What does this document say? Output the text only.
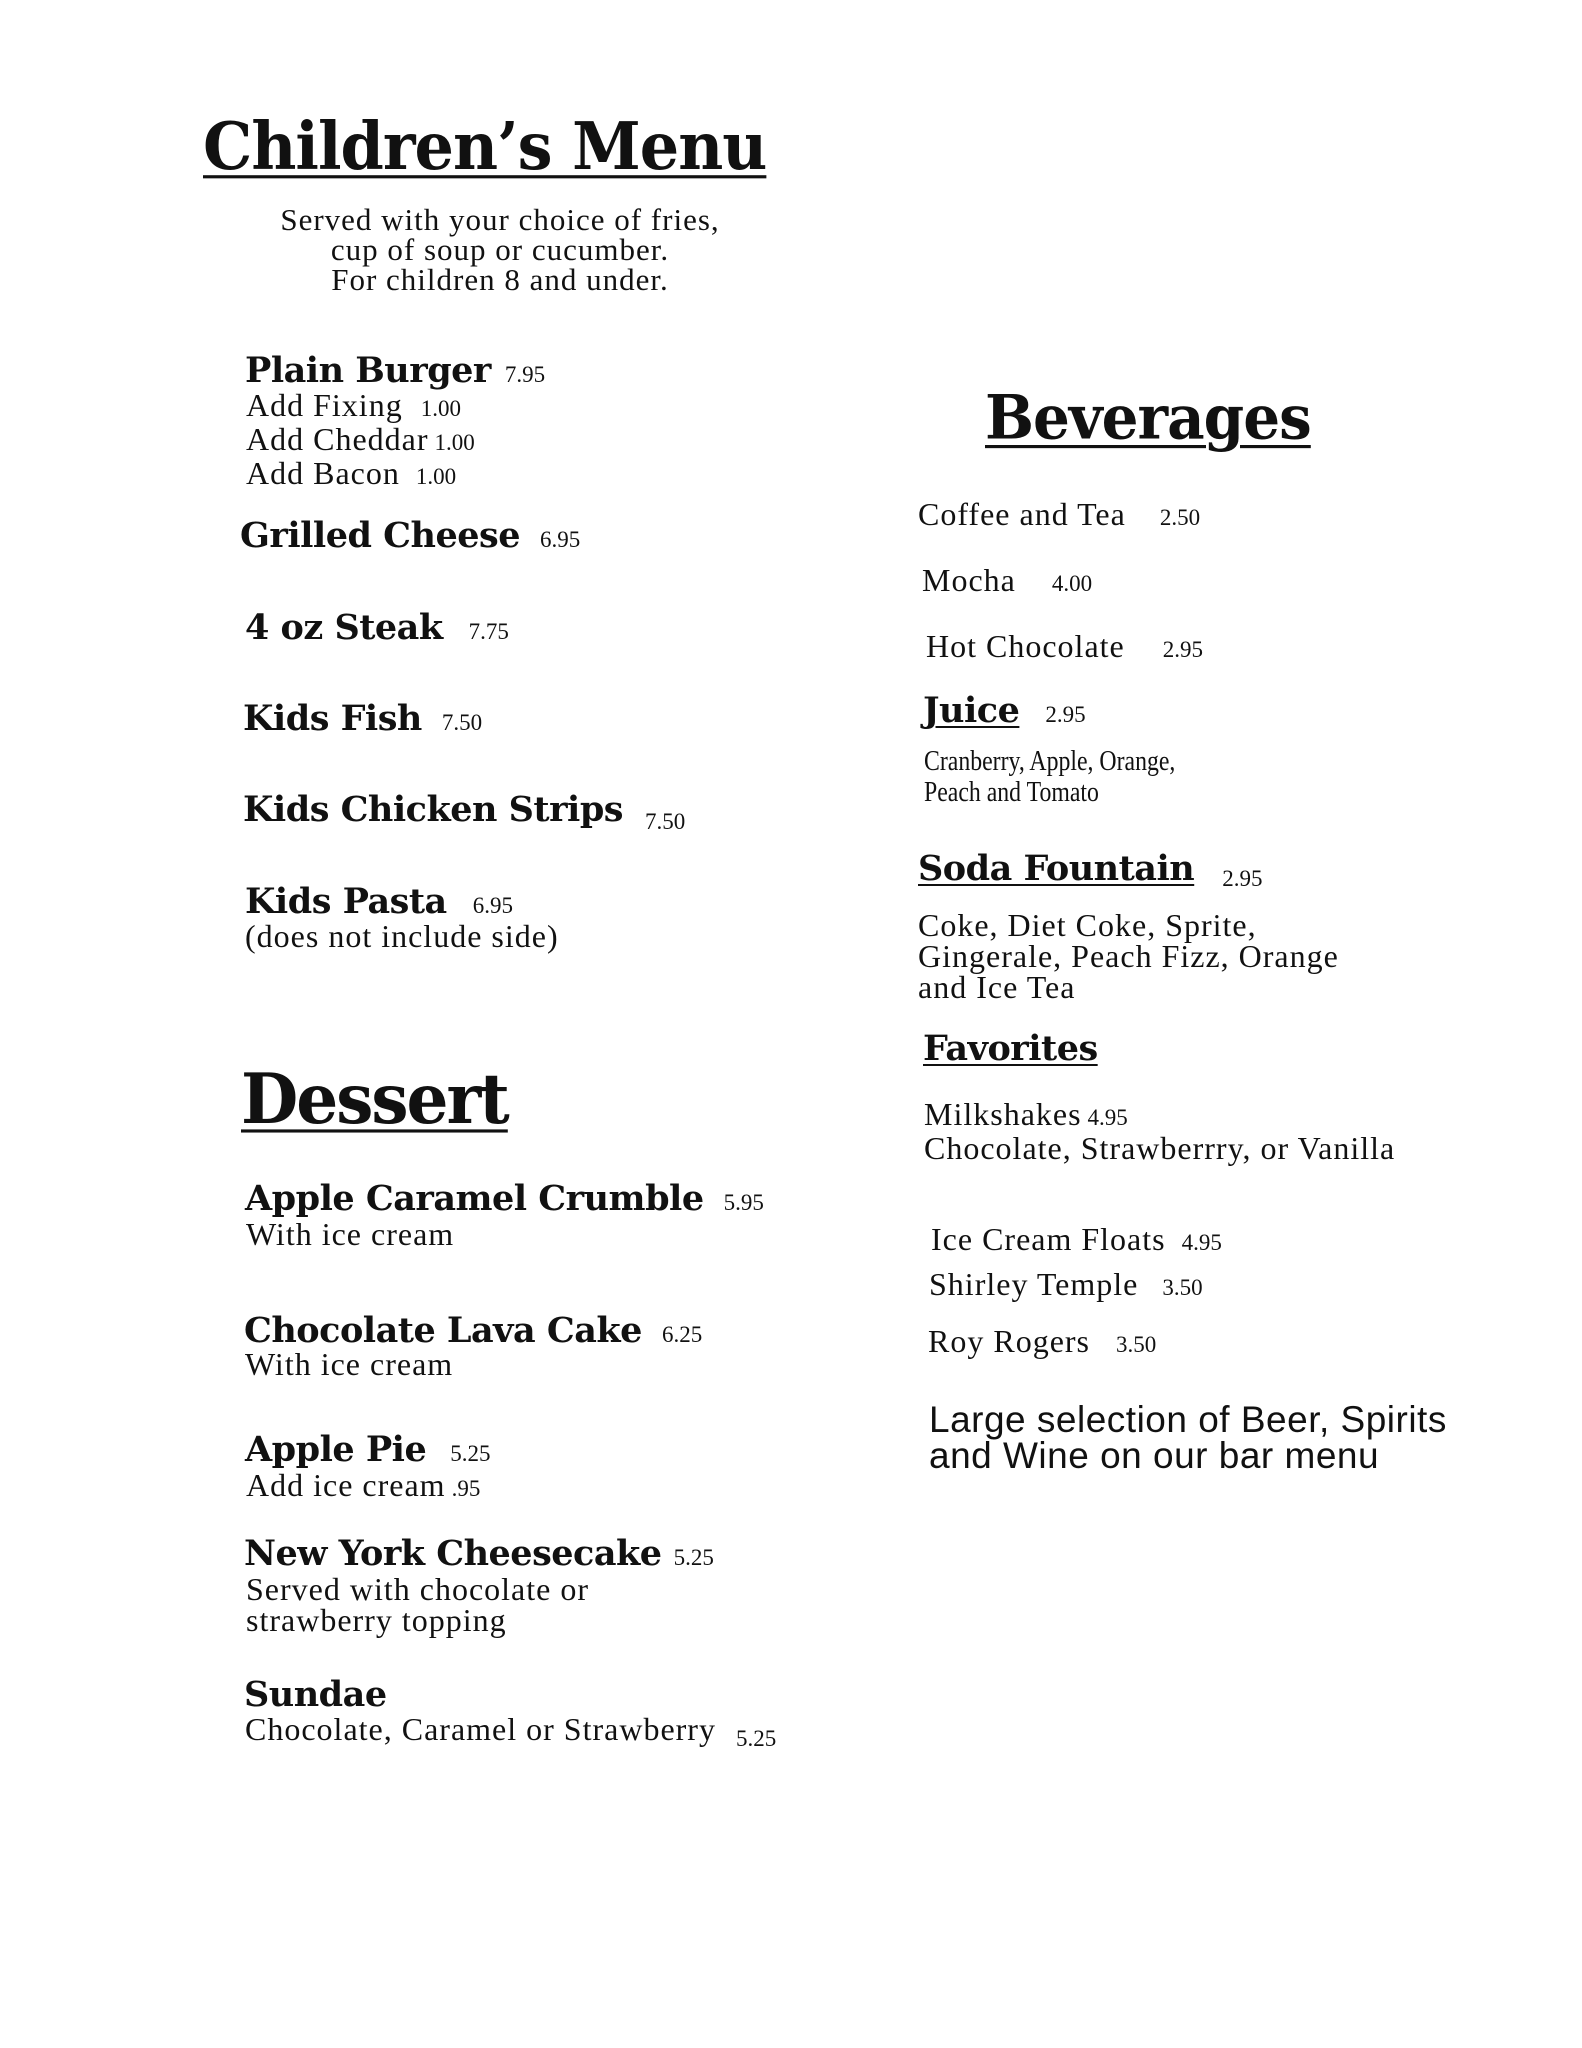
Children’s Menu
Served with your choice of fries,
cup of soup or cucumber.
For children 8 and under.
Plain Burger 7.95
Add Fixing 1.00
Add Cheddar 1.00
Add Bacon 1.00
Grilled Cheese 6.95
4 oz Steak 7.75
Kids Fish 7.50
Kids Chicken Strips 7.50
Kids Pasta 6.95
(does not include side)
Dessert
Apple Caramel Crumble 5.95
With ice cream
Chocolate Lava Cake 6.25
With ice cream
Apple Pie 5.25
Add ice cream .95
New York Cheesecake 5.25
Served with chocolate or
strawberry topping
Sundae
Chocolate, Caramel or Strawberry 5.25
Beverages
Coffee and Tea 2.50
Mocha 4.00
Hot Chocolate 2.95
Juice 2.95
Cranberry, Apple, Orange,
Peach and Tomato
Soda Fountain 2.95
Coke, Diet Coke, Sprite,
Gingerale, Peach Fizz, Orange
and Ice Tea
Favorites
Milkshakes 4.95
Chocolate, Strawberrry, or Vanilla
Ice Cream Floats 4.95
Shirley Temple 3.50
Roy Rogers 3.50
Large selection of Beer, Spirits
and Wine on our bar menu
